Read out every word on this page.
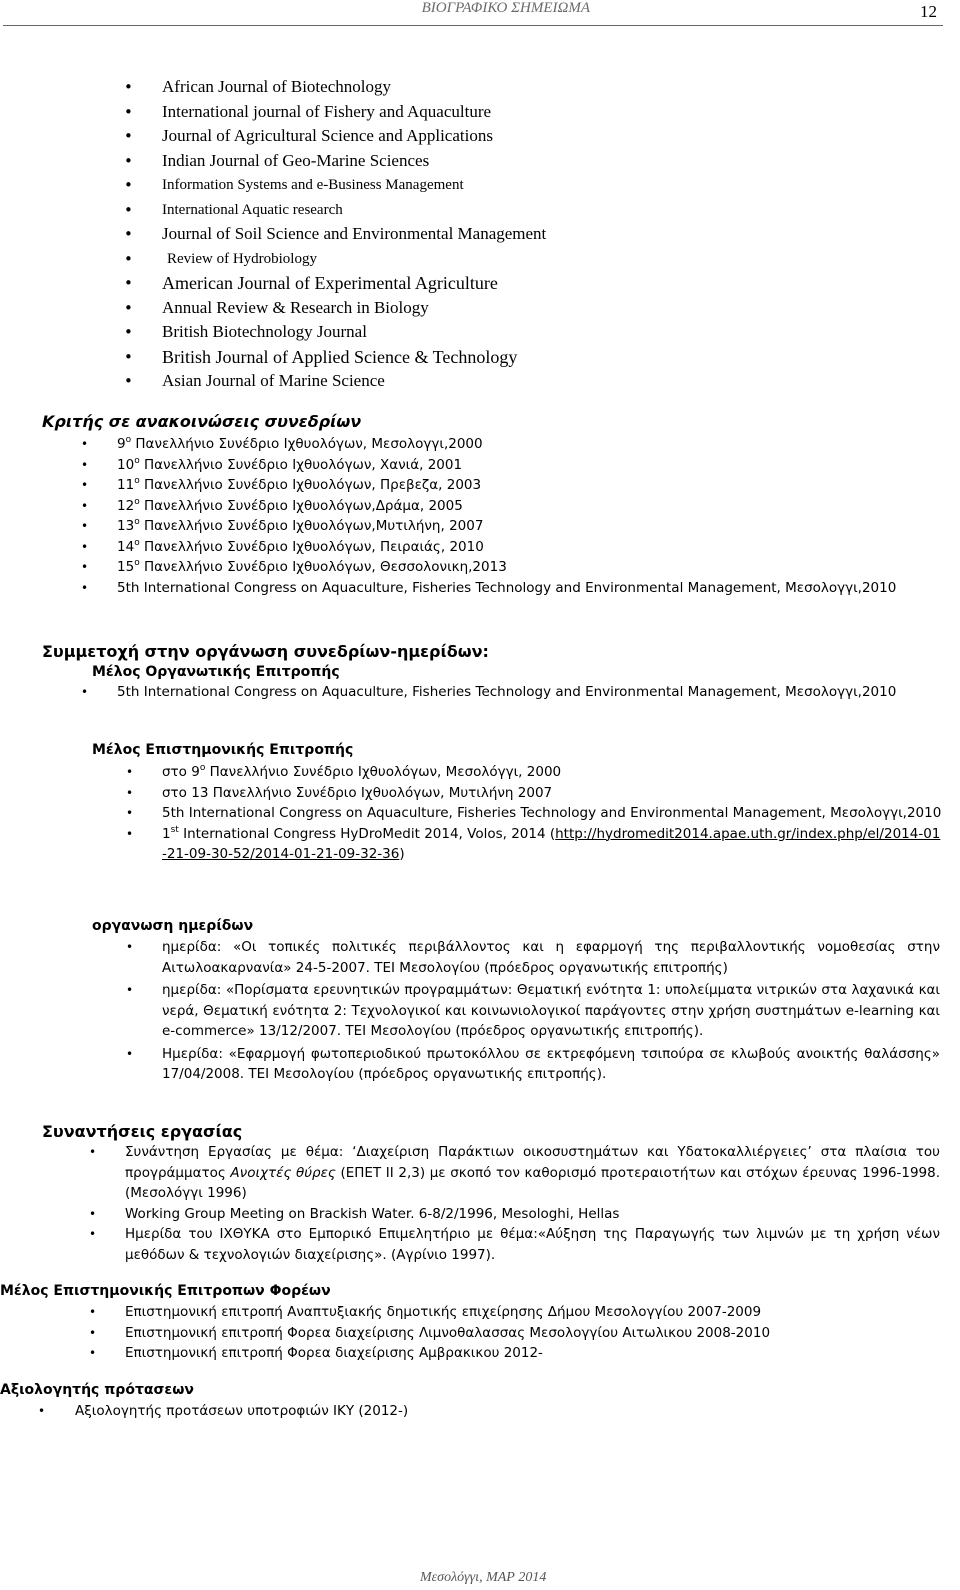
ΒΙΟΓΡΑΦΙΚΟ ΣΗΜΕΙΩΜΑ	12
• African Journal of Biotechnology
• International journal of Fishery and Aquaculture
• Journal of Agricultural Science and Applications
• Indian Journal of Geo-Marine Sciences
• Information Systems and e-Business Management
• International Aquatic research
• Journal of Soil Science and Environmental Management
• Review of Hydrobiology
• American Journal of Experimental Agriculture
• Annual Review & Research in Biology
• British Biotechnology Journal
• British Journal of Applied Science & Technology
• Asian Journal of Marine Science
Κριτής σε ανακοινώσεις συνεδρίων
• $9^o$ Πανελλήνιο Συνέδριο Ιχθυολόγων, Μεσολογγι,2000
• $10^o$ Πανελλήνιο Συνέδριο Ιχθυολόγων, Χανιά, 2001
• $11^o$ Πανελλήνιο Συνέδριο Ιχθυολόγων, Πρεβεζα, 2003
• $12^o$ Πανελλήνιο Συνέδριο Ιχθυολόγων,Δράμα, 2005
• $13^o$ Πανελλήνιο Συνέδριο Ιχθυολόγων,Μυτιλήνη, 2007
• $14^o$ Πανελλήνιο Συνέδριο Ιχθυολόγων, Πειραιάς, 2010
• $15^o$ Πανελλήνιο Συνέδριο Ιχθυολόγων, Θεσσολονικη,2013
• 5th International Congress on Aquaculture, Fisheries Technology and Environmental Management, Μεσολογγι,2010
Συμμετοχή στην οργάνωση συνεδρίων-ημερίδων:
Μέλος Οργανωτικής Επιτροπής
• 5th International Congress on Aquaculture, Fisheries Technology and Environmental Management, Μεσολογγι,2010
Μέλος Επιστημονικής Επιτροπής
• στο $9^o$ Πανελλήνιο Συνέδριο Ιχθυολόγων, Μεσολόγγι, 2000
• στο 13 Πανελλήνιο Συνέδριο Ιχθυολόγων, Μυτιλήνη 2007
• 5th International Congress on Aquaculture, Fisheries Technology and Environmental Management, Μεσολογγι,2010
• 1st International Congress HyDroMedit 2014, Volos, 2014 (http://hydromedit2014.apae.uth.gr/index.php/el/2014-01-21-09-30-52/2014-01-21-09-32-36)
οργανωση ημερίδων
• ημερίδα: «Οι τοπικές πολιτικές περιβάλλοντος και η εφαρμογή της περιβαλλοντικής νομοθεσίας στην Αιτωλοακαρνανία» 24-5-2007. ΤΕΙ Μεσολογίου (πρόεδρος οργανωτικής επιτροπής)
• ημερίδα: «Πορίσματα ερευνητικών προγραμμάτων: Θεματική ενότητα 1: υπολείμματα νιτρικών στα λαχανικά και νερά, Θεματική ενότητα 2: Τεχνολογικοί και κοινωνιολογικοί παράγοντες στην χρήση συστημάτων e-learning και e-commerce» 13/12/2007. ΤΕΙ Μεσολογίου (πρόεδρος οργανωτικής επιτροπής).
• Ημερίδα: «Εφαρμογή φωτοπεριοδικού πρωτοκόλλου σε εκτρεφόμενη τσιπούρα σε κλωβούς ανοικτής θαλάσσης» 17/04/2008. ΤΕΙ Μεσολογίου (πρόεδρος οργανωτικής επιτροπής).
Συναντήσεις εργασίας
• Συνάντηση Εργασίας με θέμα: ‘Διαχείριση Παράκτιων οικοσυστημάτων και Υδατοκαλλιέργειες’ στα πλαίσια του προγράμματος Ανοιχτές θύρες (ΕΠΕΤ ΙΙ 2,3) με σκοπό τον καθορισμό προτεραιοτήτων και στόχων έρευνας 1996-1998. (Μεσολόγγι 1996)
• Working Group Meeting on Brackish Water. 6-8/2/1996, Mesologhi, Hellas
• Ημερίδα του ΙΧΘΥΚΑ στο Εμπορικό Επιμελητήριο με θέμα:«Αύξηση της Παραγωγής των λιμνών με τη χρήση νέων μεθόδων & τεχνολογιών διαχείρισης». (Αγρίνιο 1997).
Μέλος Επιστημονικής Επιτροπων Φορέων
• Επιστημονική επιτροπή Αναπτυξιακής δημοτικής επιχείρησης Δήμου Μεσολογγίου 2007-2009
• Επιστημονική επιτροπή Φορεα διαχείρισης Λιμνοθαλασσας Μεσολογγίου Αιτωλικου 2008-2010
• Επιστημονική επιτροπή Φορεα διαχείρισης Αμβρακικου 2012-
Αξιολογητής πρότασεων
• Αξιολογητής προτάσεων υποτροφιών ΙΚΥ (2012-)
Μεσολόγγι, ΜΑΡ 2014
